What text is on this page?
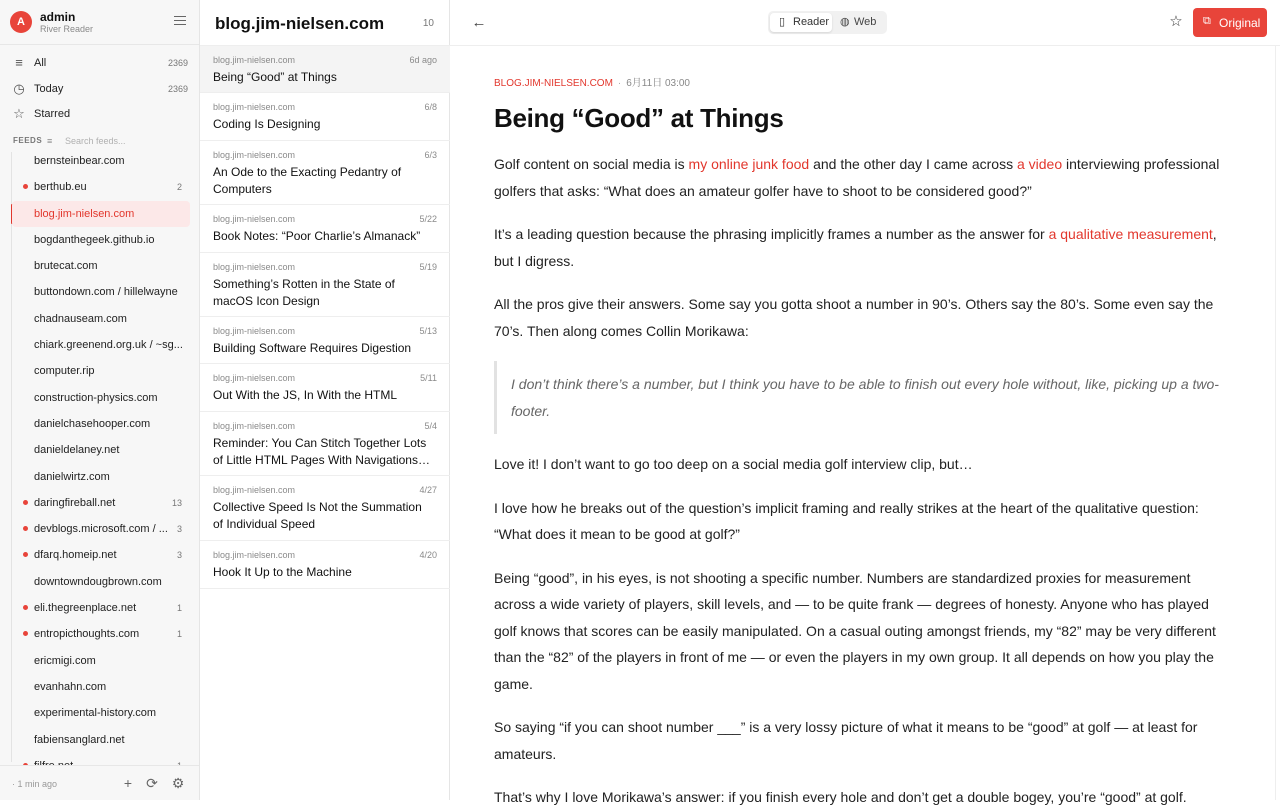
A	admin
River Reader
≡ All	2369
◷ Today	2369
☆ Starred
FEEDS ≡
Search feeds...
bernsteinbear.com
berthub.eu	2
blog.jim-nielsen.com
bogdanthegeek.github.io
brutecat.com
buttondown.com / hillelwayne
chadnauseam.com
chiark.greenend.org.uk / ~sg...
computer.rip
construction-physics.com
danielchasehooper.com
danieldelaney.net
danielwirtz.com
daringfireball.net	13
devblogs.microsoft.com / ... 3
dfarq.homeip.net	3
downtowndougbrown.com
eli.thegreenplace.net	1
entropicthoughts.com	1
ericmigi.com
evanhahn.com
experimental-history.com
fabiensanglard.net
· 1 min ago	+ ⟳ ⚙
blog.jim-nielsen.com	10
blog.jim-nielsen.com	6d ago
Being “Good” at Things
blog.jim-nielsen.com	6/8
Coding Is Designing
blog.jim-nielsen.com	6/3
An Ode to the Exacting Pedantry of Computers
blog.jim-nielsen.com	5/22
Book Notes: “Poor Charlie’s Almanack”
blog.jim-nielsen.com	5/19
Something’s Rotten in the State of macOS Icon Design
blog.jim-nielsen.com	5/13
Building Software Requires Digestion
blog.jim-nielsen.com	5/11
Out With the JS, In With the HTML
blog.jim-nielsen.com	5/4
Reminder: You Can Stitch Together Lots of Little HTML Pages With Navigations…
blog.jim-nielsen.com	4/27
Collective Speed Is Not the Summation of Individual Speed
blog.jim-nielsen.com	4/20
Hook It Up to the Machine
←	▯ Reader ◍ Web	☆ ⧉ Original
BLOG.JIM-NIELSEN.COM · 6月11日 03:00
Being “Good” at Things

Golf content on social media is my online junk food and the other day I came across a video interviewing professional golfers that asks: “What does an amateur golfer have to shoot to be considered good?”

It’s a leading question because the phrasing implicitly frames a number as the answer for a qualitative measurement, but I digress.

All the pros give their answers. Some say you gotta shoot a number in 90’s. Others say the 80’s. Some even say the 70’s. Then along comes Collin Morikawa:

I don’t think there’s a number, but I think you have to be able to finish out every hole without, like, picking up a two-footer.

Love it! I don’t want to go too deep on a social media golf interview clip, but…

I love how he breaks out of the question’s implicit framing and really strikes at the heart of the qualitative question: “What does it mean to be good at golf?”

Being “good”, in his eyes, is not shooting a specific number. Numbers are standardized proxies for measurement across a wide variety of players, skill levels, and — to be quite frank — degrees of honesty. Anyone who has played golf knows that scores can be easily manipulated. On a casual outing amongst friends, my “82” may be very different than the “82” of the players in front of me — or even the players in my own group. It all depends on how you play the game.

So saying “if you can shoot number ___” is a very lossy picture of what it means to be “good” at golf — at least for amateurs.

That’s why I love Morikawa’s answer: if you finish every hole and don’t get a double bogey, you’re “good” at golf.
